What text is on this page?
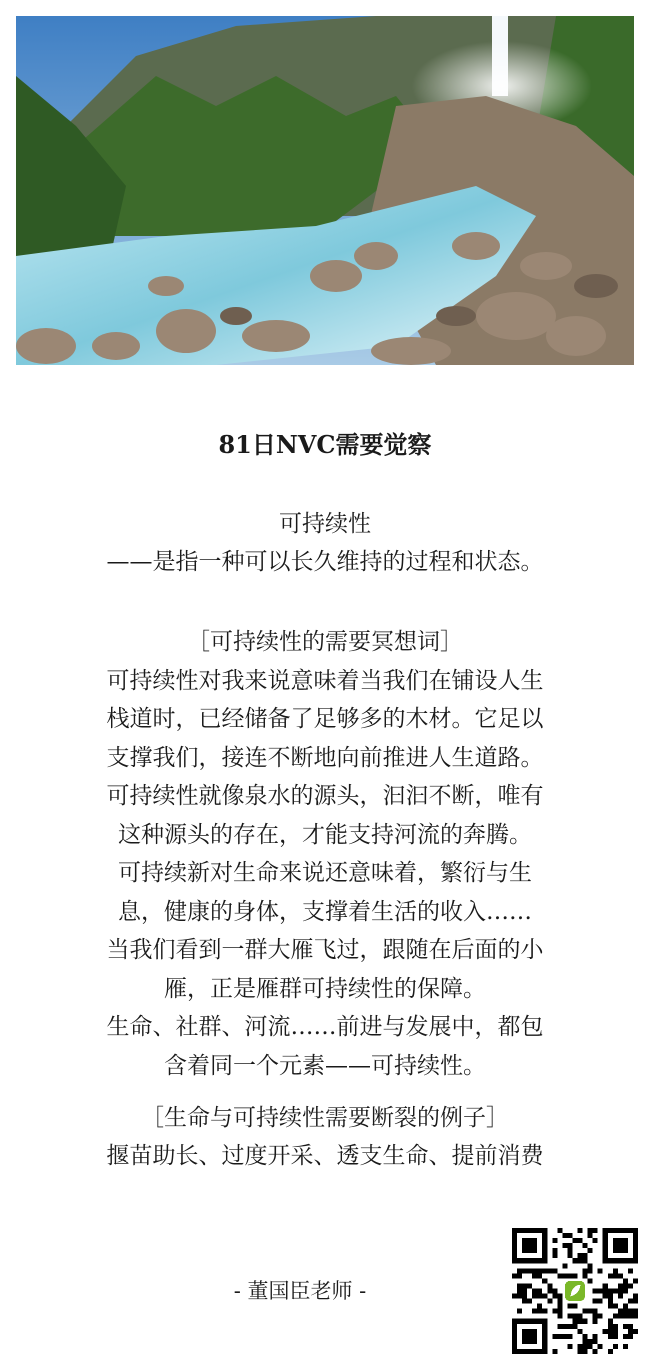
81日NVC需要觉察
可持续性
——是指一种可以长久维持的过程和状态。
［可持续性的需要冥想词］
可持续性对我来说意味着当我们在铺设人生
栈道时，已经储备了足够多的木材。它足以
支撑我们，接连不断地向前推进人生道路。
可持续性就像泉水的源头，汩汩不断，唯有
这种源头的存在，才能支持河流的奔腾。
可持续新对生命来说还意味着，繁衍与生
息，健康的身体，支撑着生活的收入……
当我们看到一群大雁飞过，跟随在后面的小
雁，正是雁群可持续性的保障。
生命、社群、河流……前进与发展中，都包
含着同一个元素——可持续性。
［生命与可持续性需要断裂的例子］
揠苗助长、过度开采、透支生命、提前消费
- 董国臣老师 -
